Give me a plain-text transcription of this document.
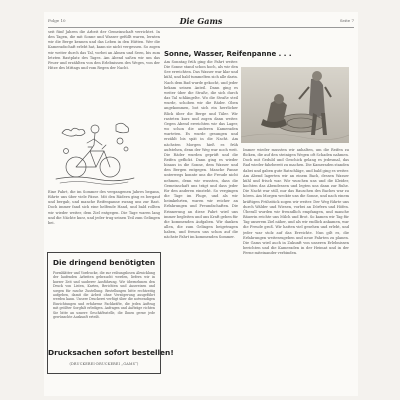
Folge 10	Die Gams	Seite 7

seit fünf Jahren die Arbeit der Gemeinschaft verrichtet. In den Tagen, die mit Sonne und Wasser gefüllt waren, lernten wir die Berge kennen und das Leben in den Hütten. Wer die Kameradschaft erlebt hat, kann sie nicht vergessen. So zogen wir weiter durch das Tal, vorbei an Almen und Seen, bis zum letzten Rastplatz des Tages. Am Abend saßen wir um das Feuer und erzählten von den Erlebnissen des Weges, von der Hitze des Mittags und vom Regen der Nacht.

Eine Fahrt, die im Sommer des vergangenen Jahres begann, führte uns über viele Pässe. Mit den Rädern ging es bergauf und bergab, und manche Reifenpanne zwang uns zur Rast. Doch immer fand sich eine helfende Hand, und bald rollten wir wieder weiter, dem Ziel entgegen. Die Tage waren lang und die Nächte kurz, und jeder trug seinen Teil zum Gelingen bei.

Die dringend benötigten

Formblätter und Vordrucke, die zur reibungslosen Abwicklung der laufenden Arbeiten gebraucht werden, liefern wir in kurzer Zeit und sauberer Ausführung. Wir übernehmen den Druck von Listen, Karten, Berichten und Ausweisen und sorgen für rasche Zustellung. Bestellungen bitte rechtzeitig aufgeben, damit die Arbeit ohne Verzögerung ausgeführt werden kann. Unsere Druckerei verfügt über die notwendigen Einrichtungen und erfahrene Fachkräfte, die jeden Auftrag mit größter Sorgfalt erledigen. Anfragen und Aufträge richten Sie bitte an unsere Geschäftsstelle, die Ihnen gerne jede gewünschte Auskunft erteilt.

Drucksachen sofort bestellen!
(DRUCKEREI-DRUCKEREI „GAMS“)
Sonne, Wasser, Reifenpanne . . .

Am Sonntag früh ging die Fahrt weiter. Die Sonne stand schon hoch, als wir den See erreichten. Das Wasser war klar und kühl, und bald tummelten sich alle darin. Nach dem Bad wurde gekocht, und jeder bekam seinen Anteil. Dann ging es weiter über die Straße, die sich durch das Tal schlängelte. Wo die Straße steil wurde, schoben wir die Räder. Oben angekommen, bot sich ein herrlicher Blick über die Berge und Täler. Wir rasteten kurz und zogen dann weiter. Gegen Abend erreichten wir das Lager, wo schon die anderen Kameraden warteten. Es wurde gesungen und erzählt bis spät in die Nacht. Am nächsten Morgen hieß es früh aufstehen, denn der Weg war noch weit. Die Räder wurden geprüft und die Reifen geflickt. Dann ging es wieder hinaus in die Sonne, dem Wasser und den Bergen entgegen. Manche Panne unterwegs konnte uns die Freude nicht nehmen, denn wir wussten, dass die Gemeinschaft uns trägt und dass jeder für den anderen einsteht. So vergingen die Tage im Fluge, und als wir heimkehrten, waren wir reicher an Erfahrungen und Freundschaften. Die Erinnerung an diese Fahrt wird uns immer begleiten und uns Kraft geben für die kommenden Aufgaben. Wir danken allen, die zum Gelingen beigetragen haben, und freuen uns schon auf die nächste Fahrt im kommenden Sommer.

Immer wieder mussten wir anhalten, um die Reifen zu flicken, die auf den steinigen Wegen oft Schaden nahmen. Doch mit Geduld und Geschick gelang es jedesmal, das Rad wieder fahrbereit zu machen. Die Kameraden standen dabei und gaben gute Ratschläge, und bald ging es weiter. Am Abend lagerten wir an einem Bach, dessen Wasser kühl und frisch war. Wir wuschen uns und die Kleider, kochten das Abendessen und legten uns dann zur Ruhe. Die Nacht war still, nur das Rauschen des Baches war zu hören. Am Morgen weckte uns die Sonne, und nach einem kräftigen Frühstück zogen wir weiter. Der Weg führte uns durch Wälder und Wiesen, vorbei an Dörfern und Höfen. Überall wurden wir freundlich empfangen, und manche Bäuerin reichte uns Milch und Brot. So kamen wir Tag für Tag unserem Ziel näher, und als wir endlich ankamen, war die Freude groß. Wir hatten viel gesehen und erlebt, und jeder war stolz auf das Erreichte. Nun gilt es, die Erfahrungen weiterzugeben und neue Fahrten zu planen. Die Gams wird auch in Zukunft von unseren Erlebnissen berichten und die Kameraden in der Heimat und in der Ferne miteinander verbinden.
